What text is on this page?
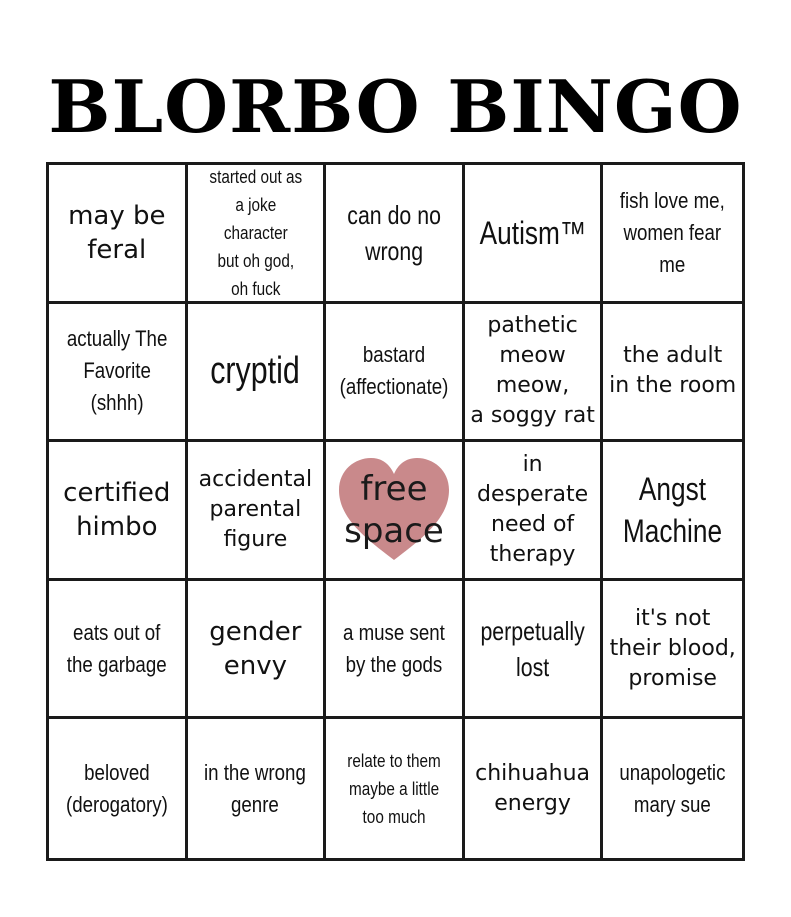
BLORBO BINGO
may be
feral
started out as
a joke character
but oh god,
oh fuck
can do no
wrong	Autism™
fish love me,
women fear me
actually The
Favorite
(shhh)
cryptid	bastard
(affectionate)
pathetic
meow meow,
a soggy rat
the adult
in the room
certified
himbo
accidental
parental
figure
free
space
in desperate
need of
therapy
Angst
Machine
eats out of
the garbage
gender
envy
a muse sent
by the gods
perpetually
lost
it's not
their blood,
promise
beloved
(derogatory)
in the wrong
genre
relate to them
maybe a little
too much
chihuahua
energy
unapologetic
mary sue
